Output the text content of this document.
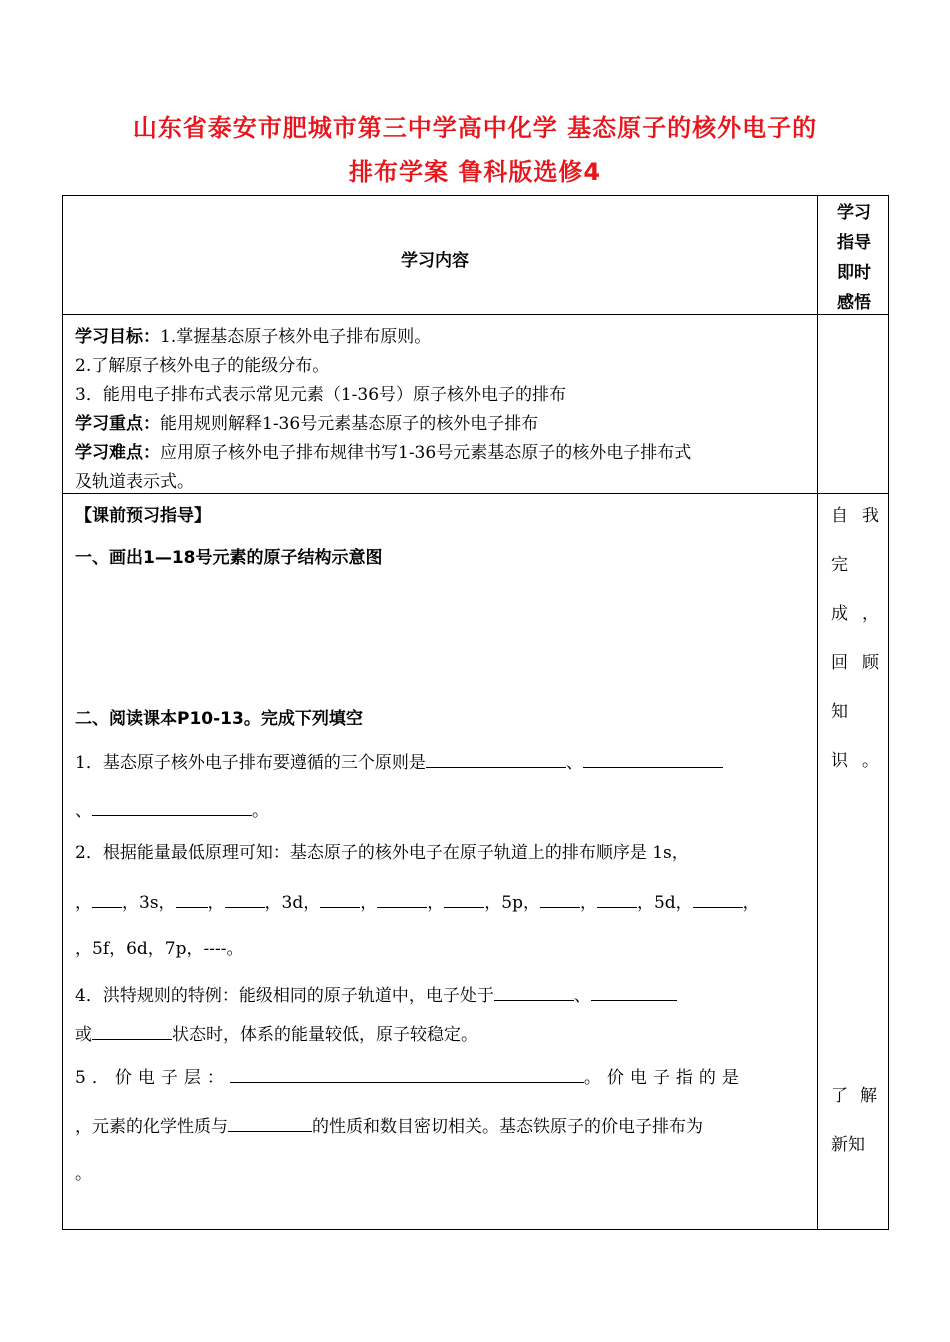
山东省泰安市肥城市第三中学高中化学 基态原子的核外电子的
排布学案 鲁科版选修4
学习内容
学习
指导
即时
感悟
学习目标：1.掌握基态原子核外电子排布原则。
2.了解原子核外电子的能级分布。
3．能用电子排布式表示常见元素（1-36号）原子核外电子的排布
学习重点：能用规则解释1-36号元素基态原子的核外电子排布
学习难点：应用原子核外电子排布规律书写1-36号元素基态原子的核外电子排布式
及轨道表示式。
【课前预习指导】
一、画出1—18号元素的原子结构示意图
二、阅读课本P10-13。完成下列填空
1．基态原子核外电子排布要遵循的三个原则是	、
、	。
2．根据能量最低原理可知：基态原子的核外电子在原子轨道上的排布顺序是 1s，
， ，3s， ， ，3d， ，	， ，5p， ， ，5d，	，
，5f，6d，7p，----。
4．洪特规则的特例：能级相同的原子轨道中，电子处于	、
或	状态时，体系的能量较低，原子较稳定。
5．价电子层：	。价电子指的是
，元素的化学性质与	的性质和数目密切相关。基态铁原子的价电子排布为
。
自我
完
成，
回顾
知
识。
了解
新知
